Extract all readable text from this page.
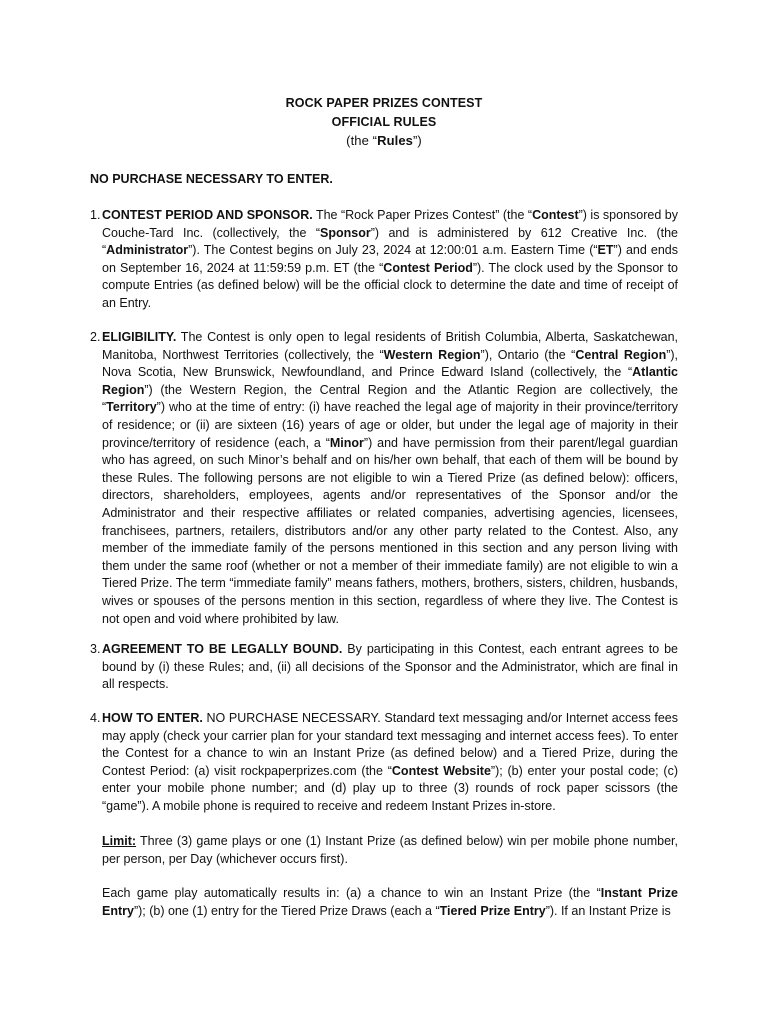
ROCK PAPER PRIZES CONTEST
OFFICIAL RULES
(the “Rules”)
NO PURCHASE NECESSARY TO ENTER.
1. CONTEST PERIOD AND SPONSOR. The “Rock Paper Prizes Contest” (the “Contest”) is sponsored by Couche-Tard Inc. (collectively, the “Sponsor”) and is administered by 612 Creative Inc. (the “Administrator”). The Contest begins on July 23, 2024 at 12:00:01 a.m. Eastern Time (“ET”) and ends on September 16, 2024 at 11:59:59 p.m. ET (the “Contest Period”). The clock used by the Sponsor to compute Entries (as defined below) will be the official clock to determine the date and time of receipt of an Entry.
2. ELIGIBILITY. The Contest is only open to legal residents of British Columbia, Alberta, Saskatchewan, Manitoba, Northwest Territories (collectively, the “Western Region”), Ontario (the “Central Region”), Nova Scotia, New Brunswick, Newfoundland, and Prince Edward Island (collectively, the “Atlantic Region”) (the Western Region, the Central Region and the Atlantic Region are collectively, the “Territory”) who at the time of entry: (i) have reached the legal age of majority in their province/territory of residence; or (ii) are sixteen (16) years of age or older, but under the legal age of majority in their province/territory of residence (each, a “Minor”) and have permission from their parent/legal guardian who has agreed, on such Minor’s behalf and on his/her own behalf, that each of them will be bound by these Rules. The following persons are not eligible to win a Tiered Prize (as defined below): officers, directors, shareholders, employees, agents and/or representatives of the Sponsor and/or the Administrator and their respective affiliates or related companies, advertising agencies, licensees, franchisees, partners, retailers, distributors and/or any other party related to the Contest. Also, any member of the immediate family of the persons mentioned in this section and any person living with them under the same roof (whether or not a member of their immediate family) are not eligible to win a Tiered Prize. The term “immediate family” means fathers, mothers, brothers, sisters, children, husbands, wives or spouses of the persons mention in this section, regardless of where they live. The Contest is not open and void where prohibited by law.
3. AGREEMENT TO BE LEGALLY BOUND. By participating in this Contest, each entrant agrees to be bound by (i) these Rules; and, (ii) all decisions of the Sponsor and the Administrator, which are final in all respects.
4. HOW TO ENTER. NO PURCHASE NECESSARY. Standard text messaging and/or Internet access fees may apply (check your carrier plan for your standard text messaging and internet access fees). To enter the Contest for a chance to win an Instant Prize (as defined below) and a Tiered Prize, during the Contest Period: (a) visit rockpaperprizes.com (the “Contest Website”); (b) enter your postal code; (c) enter your mobile phone number; and (d) play up to three (3) rounds of rock paper scissors (the “game”). A mobile phone is required to receive and redeem Instant Prizes in-store.
Limit: Three (3) game plays or one (1) Instant Prize (as defined below) win per mobile phone number, per person, per Day (whichever occurs first).
Each game play automatically results in: (a) a chance to win an Instant Prize (the “Instant Prize Entry”); (b) one (1) entry for the Tiered Prize Draws (each a “Tiered Prize Entry”). If an Instant Prize is
